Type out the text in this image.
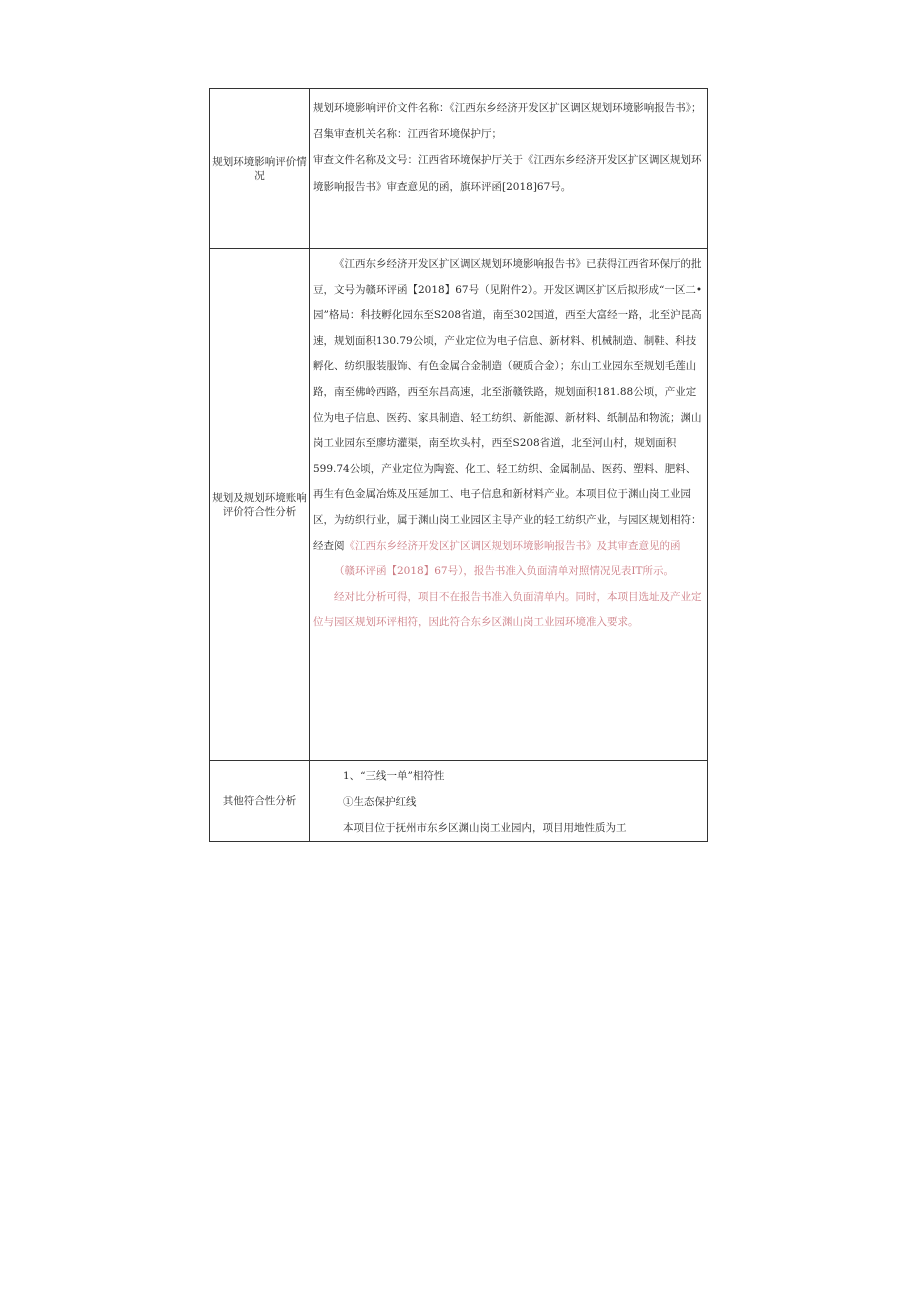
规划环境影响评价情况	规划环境影响评价文件名称：《江西东乡经济开发区扩区调区规划环境影响报告书》；

召集审查机关名称：江西省环境保护厅；

审查文件名称及文号：江西省环境保护厅关于《江西东乡经济开发区扩区调区规划环境影响报告书》审查意见的函，旗环评函[2018]67号。

规划及规划环境账响评价符合性分析	《江西东乡经济开发区扩区调区规划环境影响报告书》已获得江西省环保厅的批豆，文号为赣环评函【2018】67号（见附件2）。开发区调区扩区后拟形成“一区二•园”格局：科技孵化园东至S208省道，南至302国道，西至大富经一路，北至沪昆高速，规划面积130.79公顷，产业定位为电子信息、新材料、机械制造、制鞋、科技孵化、纺织服装服饰、有色金属合金制造（硬质合金）；东山工业园东至规划毛莲山路，南至佛岭西路，西至东昌高速，北至浙赣铁路，规划面积181.88公顷，产业定位为电子信息、医药、家具制造、轻工纺织、新能源、新材料、纸制品和物流；渊山岗工业园东至廖坊灌渠，南至坎头村，西至S208省道，北至河山村，规划面积599.74公顷，产业定位为陶瓷、化工、轻工纺织、金属制品、医药、塑料、肥料、再生有色金属冶炼及压延加工、电子信息和新材料产业。本项目位于渊山岗工业园区，为纺织行业，属于渊山岗工业园区主导产业的轻工纺织产业，与园区规划相符：经查阅《江西东乡经济开发区扩区调区规划环境影响报告书》及其审查意见的函

（赣环评函【2018】67号），报告书准入负面清单对照情况见表IT所示。

经对比分析可得，项目不在报告书准入负面清单内。同时，本项目选址及产业定位与园区规划环评相符，因此符合东乡区渊山岗工业园环境准入要求。

其他符合性分析	1、“三线一单”相符性

①生态保护红线

本项目位于抚州市东乡区渊山岗工业园内，项目用地性质为工
